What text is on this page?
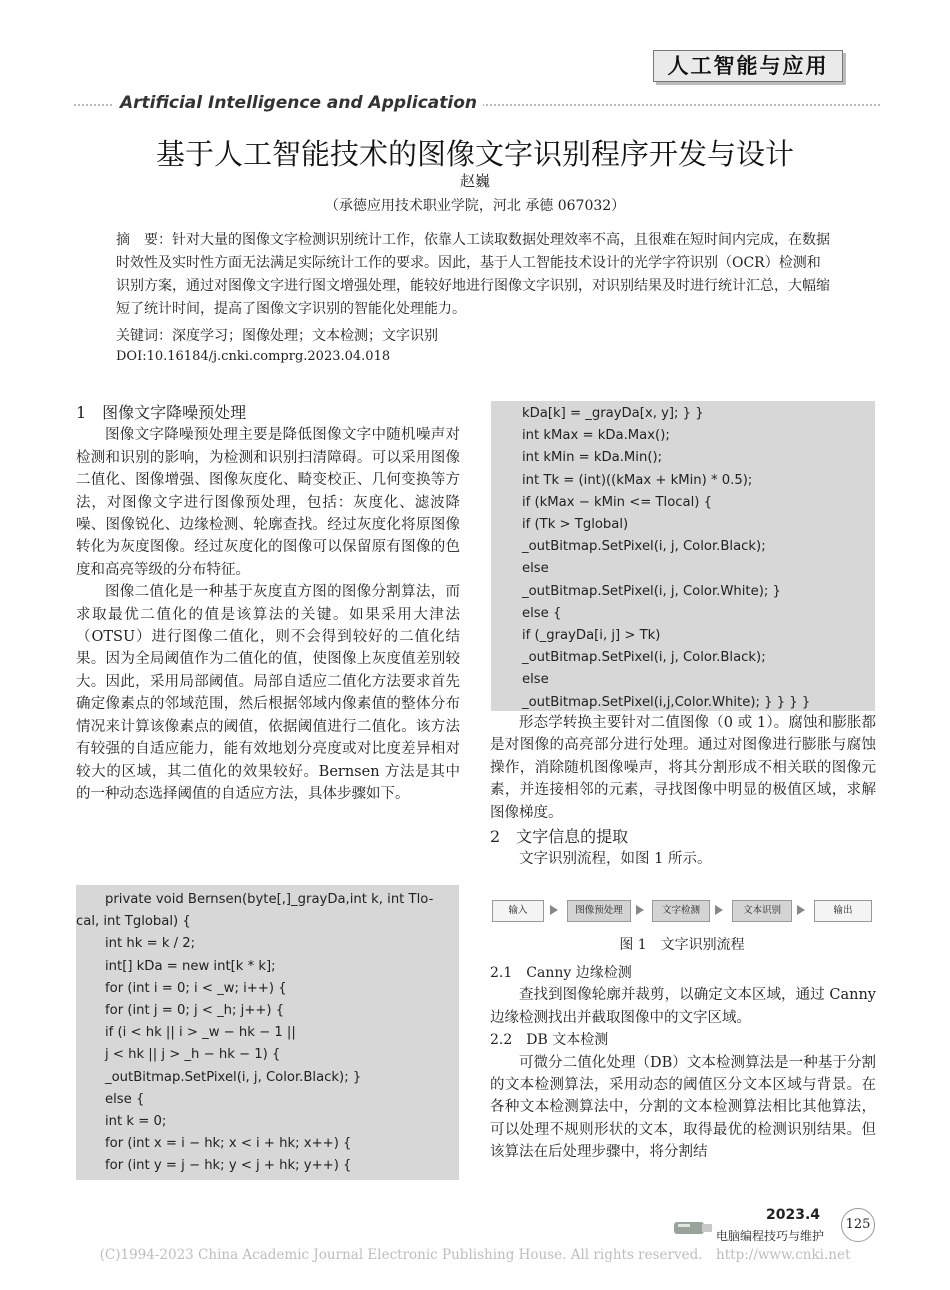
人工智能与应用
Artificial Intelligence and Application
基于人工智能技术的图像文字识别程序开发与设计
赵巍
（承德应用技术职业学院，河北 承德 067032）
摘　要：针对大量的图像文字检测识别统计工作，依靠人工读取数据处理效率不高，且很难在短时间内完成，在数据时效性及实时性方面无法满足实际统计工作的要求。因此，基于人工智能技术设计的光学字符识别（OCR）检测和识别方案，通过对图像文字进行图文增强处理，能较好地进行图像文字识别，对识别结果及时进行统计汇总，大幅缩短了统计时间，提高了图像文字识别的智能化处理能力。
关键词：深度学习；图像处理；文本检测；文字识别
DOI:10.16184/j.cnki.comprg.2023.04.018
1　图像文字降噪预处理

图像文字降噪预处理主要是降低图像文字中随机噪声对检测和识别的影响，为检测和识别扫清障碍。可以采用图像二值化、图像增强、图像灰度化、畸变校正、几何变换等方法，对图像文字进行图像预处理，包括：灰度化、滤波降噪、图像锐化、边缘检测、轮廓查找。经过灰度化将原图像转化为灰度图像。经过灰度化的图像可以保留原有图像的色度和高亮等级的分布特征。

图像二值化是一种基于灰度直方图的图像分割算法，而求取最优二值化的值是该算法的关键。如果采用大津法（OTSU）进行图像二值化，则不会得到较好的二值化结果。因为全局阈值作为二值化的值，使图像上灰度值差别较大。因此，采用局部阈值。局部自适应二值化方法要求首先确定像素点的邻域范围，然后根据邻域内像素值的整体分布情况来计算该像素点的阈值，依据阈值进行二值化。该方法有较强的自适应能力，能有效地划分亮度或对比度差异相对较大的区域，其二值化的效果较好。Bernsen 方法是其中的一种动态选择阈值的自适应方法，具体步骤如下。

private void Bernsen(byte[,]_grayDa,int k, int Tlo-
cal, int Tglobal) {
int hk = k / 2;
int[] kDa = new int[k * k];
for (int i = 0; i < _w; i++) {
for (int j = 0; j < _h; j++) {
if (i < hk || i > _w − hk − 1 ||
j < hk || j > _h − hk − 1) {
_outBitmap.SetPixel(i, j, Color.Black); }
else {
int k = 0;
for (int x = i − hk; x < i + hk; x++) {
for (int y = j − hk; y < j + hk; y++) {
kDa[k] = _grayDa[x, y]; } }
int kMax = kDa.Max();
int kMin = kDa.Min();
int Tk = (int)((kMax + kMin) * 0.5);
if (kMax − kMin <= Tlocal) {
if (Tk > Tglobal)
_outBitmap.SetPixel(i, j, Color.Black);
else
_outBitmap.SetPixel(i, j, Color.White); }
else {
if (_grayDa[i, j] > Tk)
_outBitmap.SetPixel(i, j, Color.Black);
else
_outBitmap.SetPixel(i,j,Color.White); } } } }

形态学转换主要针对二值图像（0 或 1）。腐蚀和膨胀都是对图像的高亮部分进行处理。通过对图像进行膨胀与腐蚀操作，消除随机图像噪声，将其分割形成不相关联的图像元素，并连接相邻的元素，寻找图像中明显的极值区域，求解图像梯度。

2　文字信息的提取

文字识别流程，如图 1 所示。

输入	图像预处理	文字检测	文本识别	输出
图 1　文字识别流程
2.1　Canny 边缘检测

查找到图像轮廓并裁剪，以确定文本区域，通过 Canny 边缘检测找出并截取图像中的文字区域。

2.2　DB 文本检测

可微分二值化处理（DB）文本检测算法是一种基于分割的文本检测算法，采用动态的阈值区分文本区域与背景。在各种文本检测算法中，分割的文本检测算法相比其他算法，可以处理不规则形状的文本，取得最优的检测识别结果。但该算法在后处理步骤中，将分割结

2023.4
电脑编程技巧与维护
125
(C)1994-2023 China Academic Journal Electronic Publishing House. All rights reserved.　http://www.cnki.net
